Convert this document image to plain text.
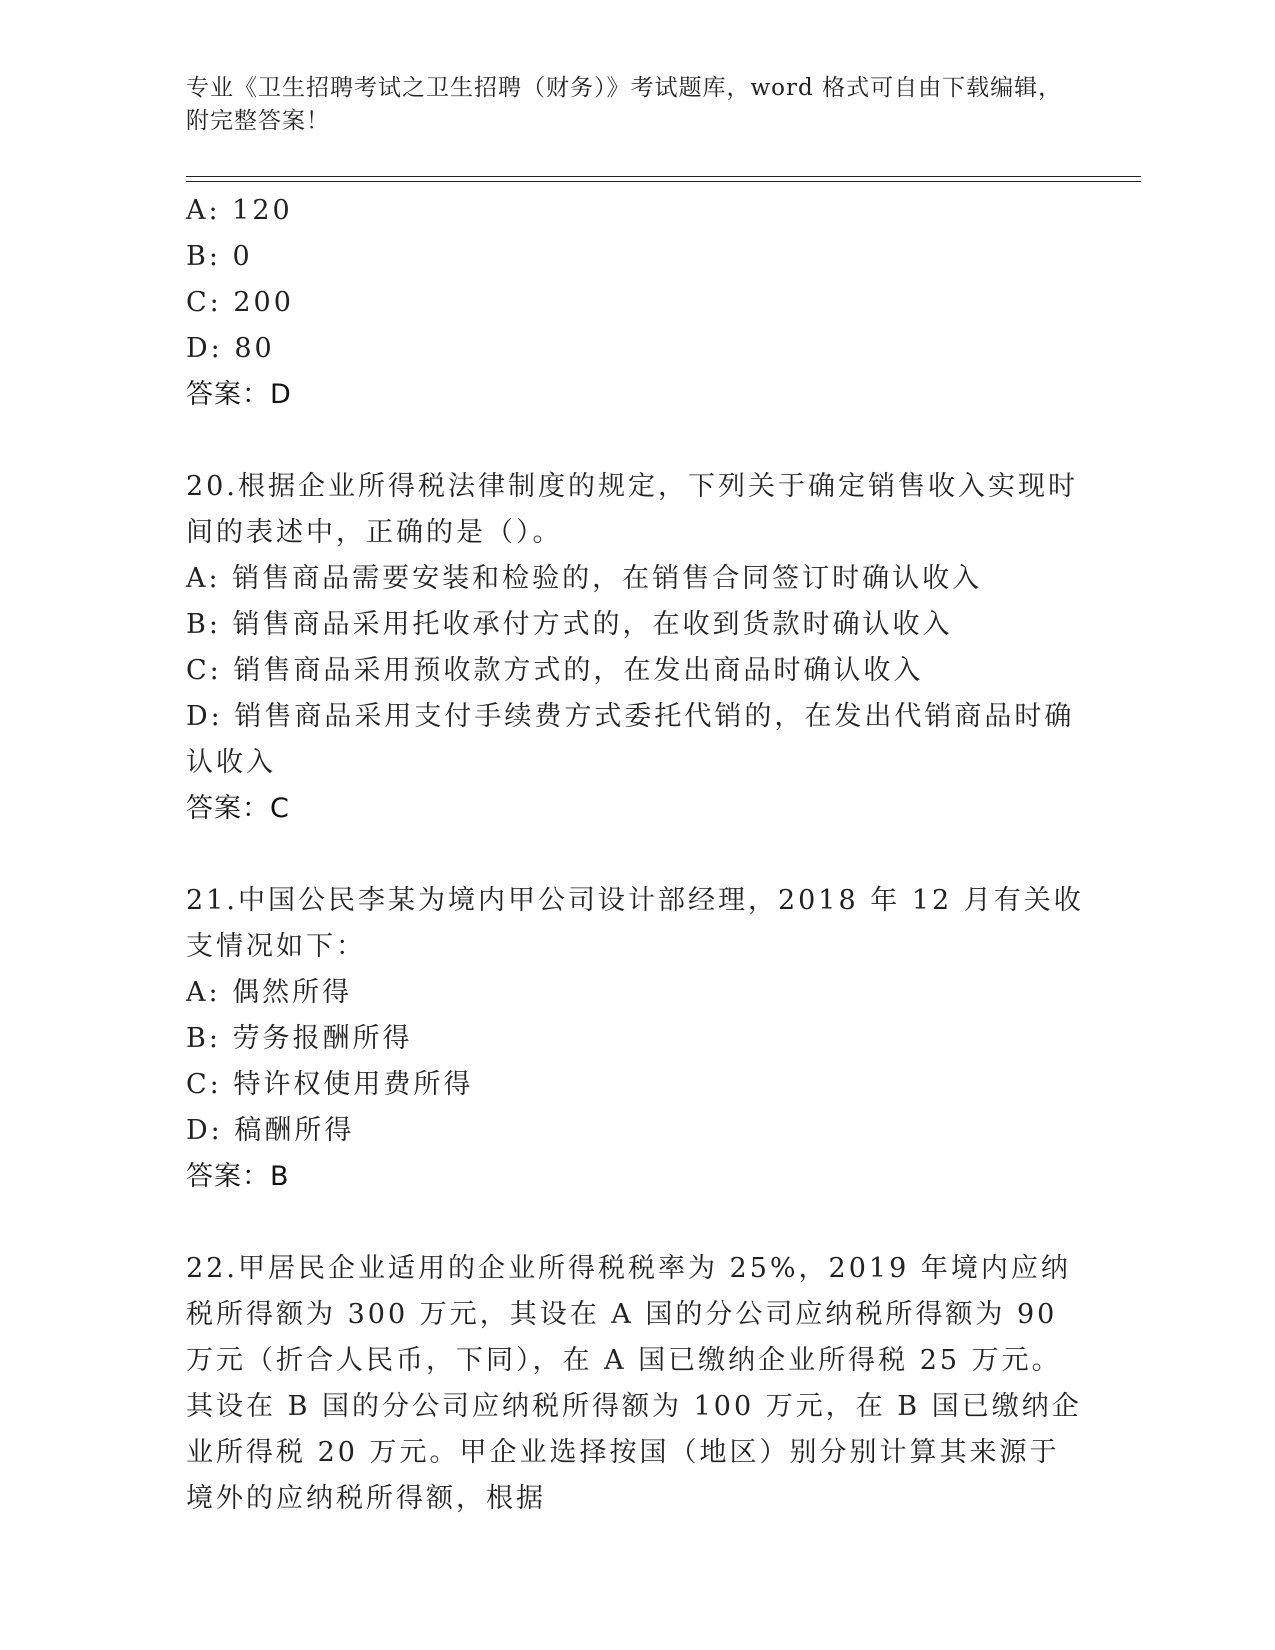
专业《卫生招聘考试之卫生招聘（财务）》考试题库，word 格式可自由下载编辑，附完整答案！
A: 120
B: 0
C: 200
D: 80
答案：D
20.根据企业所得税法律制度的规定，下列关于确定销售收入实现时间的表述中，正确的是（）。
A: 销售商品需要安装和检验的，在销售合同签订时确认收入
B: 销售商品采用托收承付方式的，在收到货款时确认收入
C: 销售商品采用预收款方式的，在发出商品时确认收入
D: 销售商品采用支付手续费方式委托代销的，在发出代销商品时确认收入
答案：C
21.中国公民李某为境内甲公司设计部经理，2018 年 12 月有关收支情况如下：
A: 偶然所得
B: 劳务报酬所得
C: 特许权使用费所得
D: 稿酬所得
答案：B
22.甲居民企业适用的企业所得税税率为 25%，2019 年境内应纳税所得额为 300 万元，其设在 A 国的分公司应纳税所得额为 90 万元（折合人民币，下同），在 A 国已缴纳企业所得税 25 万元。其设在 B 国的分公司应纳税所得额为 100 万元，在 B 国已缴纳企业所得税 20 万元。甲企业选择按国（地区）别分别计算其来源于境外的应纳税所得额，根据
